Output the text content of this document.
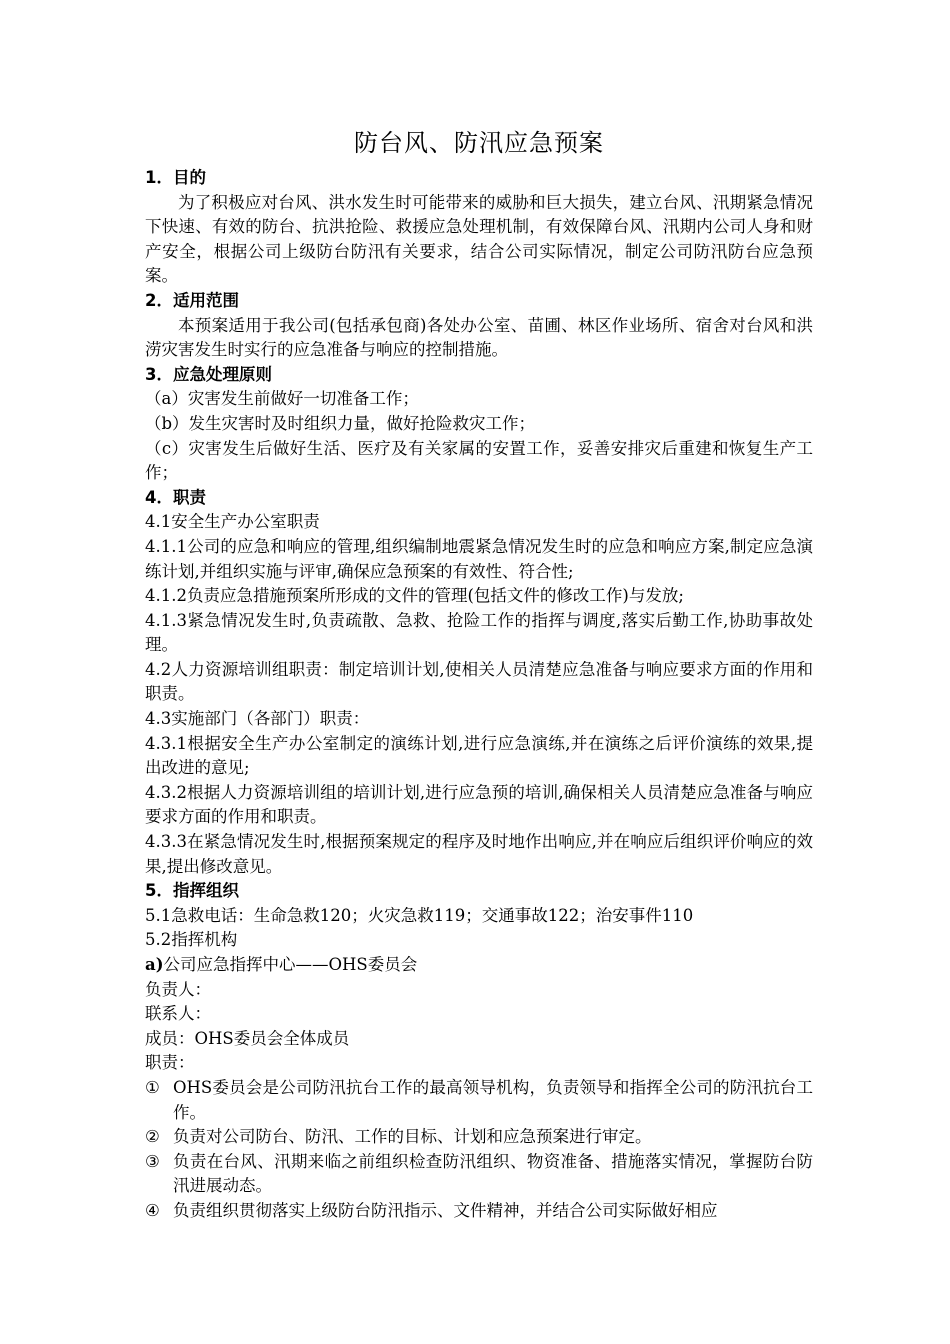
防台风、防汛应急预案
1．目的
为了积极应对台风、洪水发生时可能带来的威胁和巨大损失，建立台风、汛期紧急情况下快速、有效的防台、抗洪抢险、救援应急处理机制，有效保障台风、汛期内公司人身和财产安全，根据公司上级防台防汛有关要求，结合公司实际情况，制定公司防汛防台应急预案。
2．适用范围
本预案适用于我公司(包括承包商)各处办公室、苗圃、林区作业场所、宿舍对台风和洪涝灾害发生时实行的应急准备与响应的控制措施。
3．应急处理原则
（a）灾害发生前做好一切准备工作；
（b）发生灾害时及时组织力量，做好抢险救灾工作；
（c）灾害发生后做好生活、医疗及有关家属的安置工作，妥善安排灾后重建和恢复生产工作；
4．职责
4.1安全生产办公室职责
4.1.1公司的应急和响应的管理,组织编制地震紧急情况发生时的应急和响应方案,制定应急演练计划,并组织实施与评审,确保应急预案的有效性、符合性;
4.1.2负责应急措施预案所形成的文件的管理(包括文件的修改工作)与发放;
4.1.3紧急情况发生时,负责疏散、急救、抢险工作的指挥与调度,落实后勤工作,协助事故处理。
4.2人力资源培训组职责：制定培训计划,使相关人员清楚应急准备与响应要求方面的作用和职责。
4.3实施部门（各部门）职责：
4.3.1根据安全生产办公室制定的演练计划,进行应急演练,并在演练之后评价演练的效果,提出改进的意见;
4.3.2根据人力资源培训组的培训计划,进行应急预的培训,确保相关人员清楚应急准备与响应要求方面的作用和职责。
4.3.3在紧急情况发生时,根据预案规定的程序及时地作出响应,并在响应后组织评价响应的效果,提出修改意见。
5．指挥组织
5.1急救电话：生命急救120；火灾急救119；交通事故122；治安事件110
5.2指挥机构
a)公司应急指挥中心——OHS委员会
负责人：
联系人：
成员：OHS委员会全体成员
职责：
① OHS委员会是公司防汛抗台工作的最高领导机构，负责领导和指挥全公司的防汛抗台工作。
② 负责对公司防台、防汛、工作的目标、计划和应急预案进行审定。
③ 负责在台风、汛期来临之前组织检查防汛组织、物资准备、措施落实情况，掌握防台防汛进展动态。
④ 负责组织贯彻落实上级防台防汛指示、文件精神，并结合公司实际做好相应
